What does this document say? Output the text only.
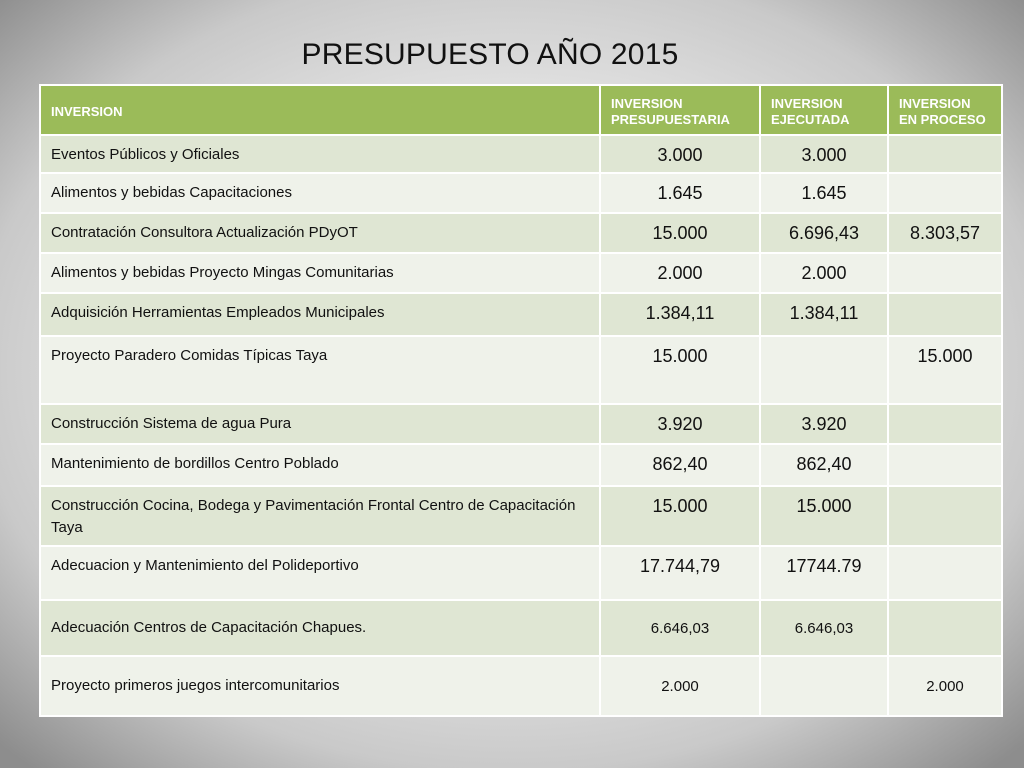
PRESUPUESTO AÑO 2015
INVERSION	INVERSION PRESUPUESTARIA	INVERSION EJECUTADA	INVERSION EN PROCESO
Eventos Públicos y Oficiales	3.000	3.000	
Alimentos y bebidas Capacitaciones	1.645	1.645	
Contratación Consultora Actualización PDyOT	15.000	6.696,43	8.303,57
Alimentos y bebidas Proyecto Mingas Comunitarias	2.000	2.000	
Adquisición Herramientas Empleados Municipales	1.384,11	1.384,11	
Proyecto Paradero Comidas Típicas Taya	15.000		15.000
Construcción Sistema de agua Pura	3.920	3.920	
Mantenimiento de bordillos Centro Poblado	862,40	862,40	
Construcción Cocina, Bodega y Pavimentación Frontal Centro de Capacitación Taya	15.000	15.000	
Adecuacion y Mantenimiento del Polideportivo	17.744,79	17744.79	
Adecuación Centros de Capacitación Chapues.	6.646,03	6.646,03	
Proyecto primeros juegos intercomunitarios	2.000		2.000
